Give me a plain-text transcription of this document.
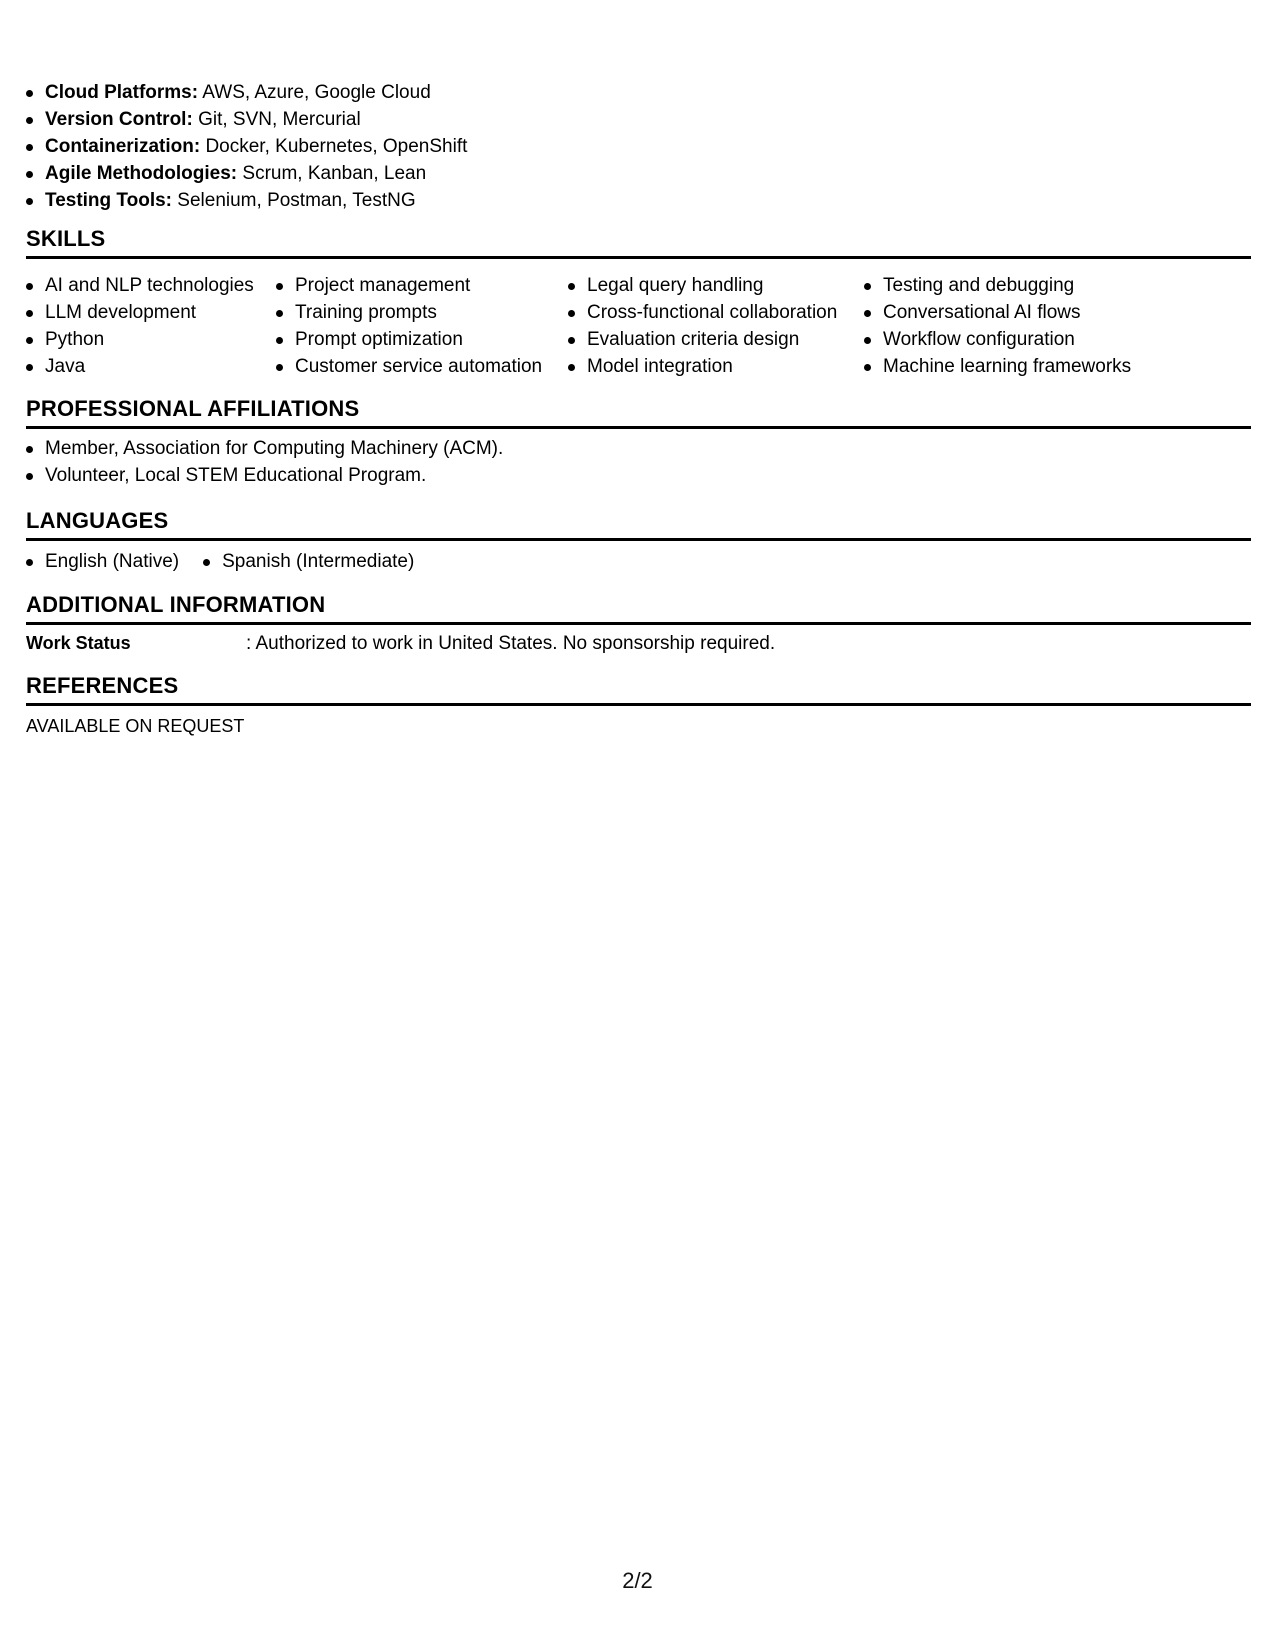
Cloud Platforms: AWS, Azure, Google Cloud
Version Control: Git, SVN, Mercurial
Containerization: Docker, Kubernetes, OpenShift
Agile Methodologies: Scrum, Kanban, Lean
Testing Tools: Selenium, Postman, TestNG
SKILLS
AI and NLP technologies
LLM development
Python
Java
Project management
Training prompts
Prompt optimization
Customer service automation
Legal query handling
Cross-functional collaboration
Evaluation criteria design
Model integration
Testing and debugging
Conversational AI flows
Workflow configuration
Machine learning frameworks
PROFESSIONAL AFFILIATIONS
Member, Association for Computing Machinery (ACM).
Volunteer, Local STEM Educational Program.
LANGUAGES
English (Native)	Spanish (Intermediate)
ADDITIONAL INFORMATION
Work Status	: Authorized to work in United States. No sponsorship required.
REFERENCES
AVAILABLE ON REQUEST
2/2
